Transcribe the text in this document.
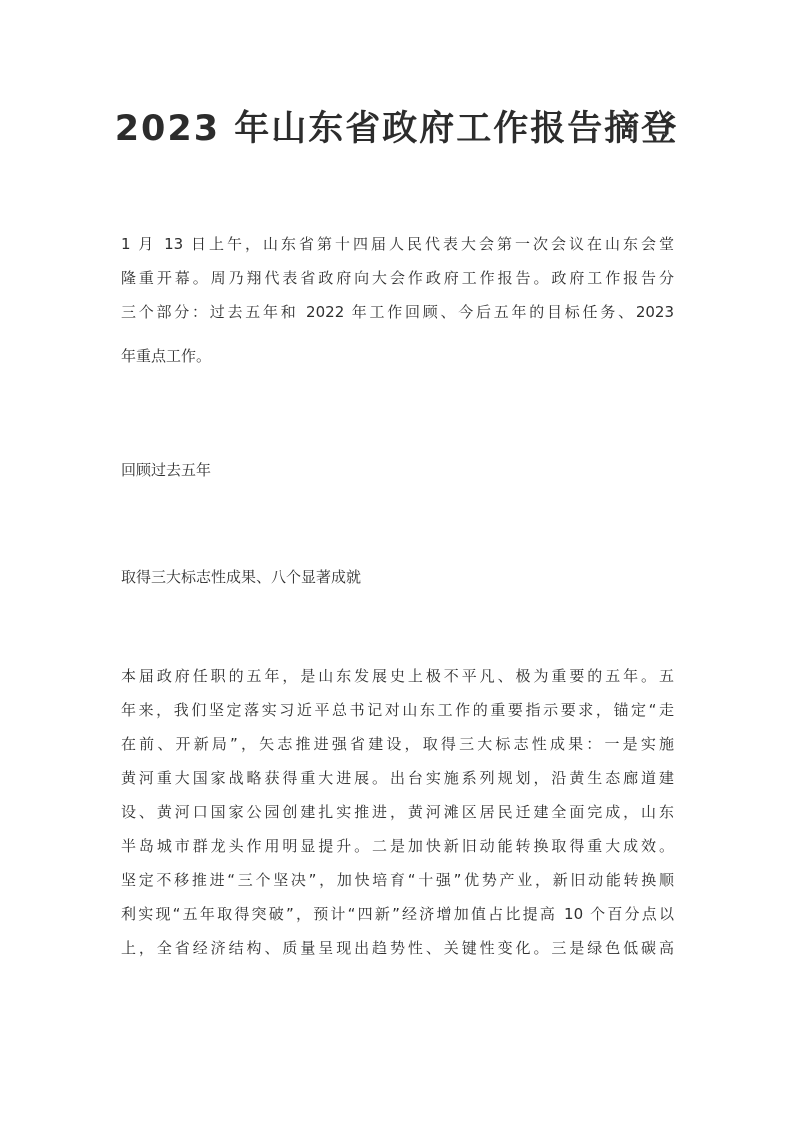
2023 年山东省政府工作报告摘登
1 月 13 日上午，山东省第十四届人民代表大会第一次会议在山东会堂
隆重开幕。周乃翔代表省政府向大会作政府工作报告。政府工作报告分
三个部分：过去五年和 2022 年工作回顾、今后五年的目标任务、2023
年重点工作。
回顾过去五年
取得三大标志性成果、八个显著成就
本届政府任职的五年，是山东发展史上极不平凡、极为重要的五年。五
年来，我们坚定落实习近平总书记对山东工作的重要指示要求，锚定“走
在前、开新局”，矢志推进强省建设，取得三大标志性成果：一是实施
黄河重大国家战略获得重大进展。出台实施系列规划，沿黄生态廊道建
设、黄河口国家公园创建扎实推进，黄河滩区居民迁建全面完成，山东
半岛城市群龙头作用明显提升。二是加快新旧动能转换取得重大成效。
坚定不移推进“三个坚决”，加快培育“十强”优势产业，新旧动能转换顺
利实现“五年取得突破”，预计“四新”经济增加值占比提高 10 个百分点以
上，全省经济结构、质量呈现出趋势性、关键性变化。三是绿色低碳高
